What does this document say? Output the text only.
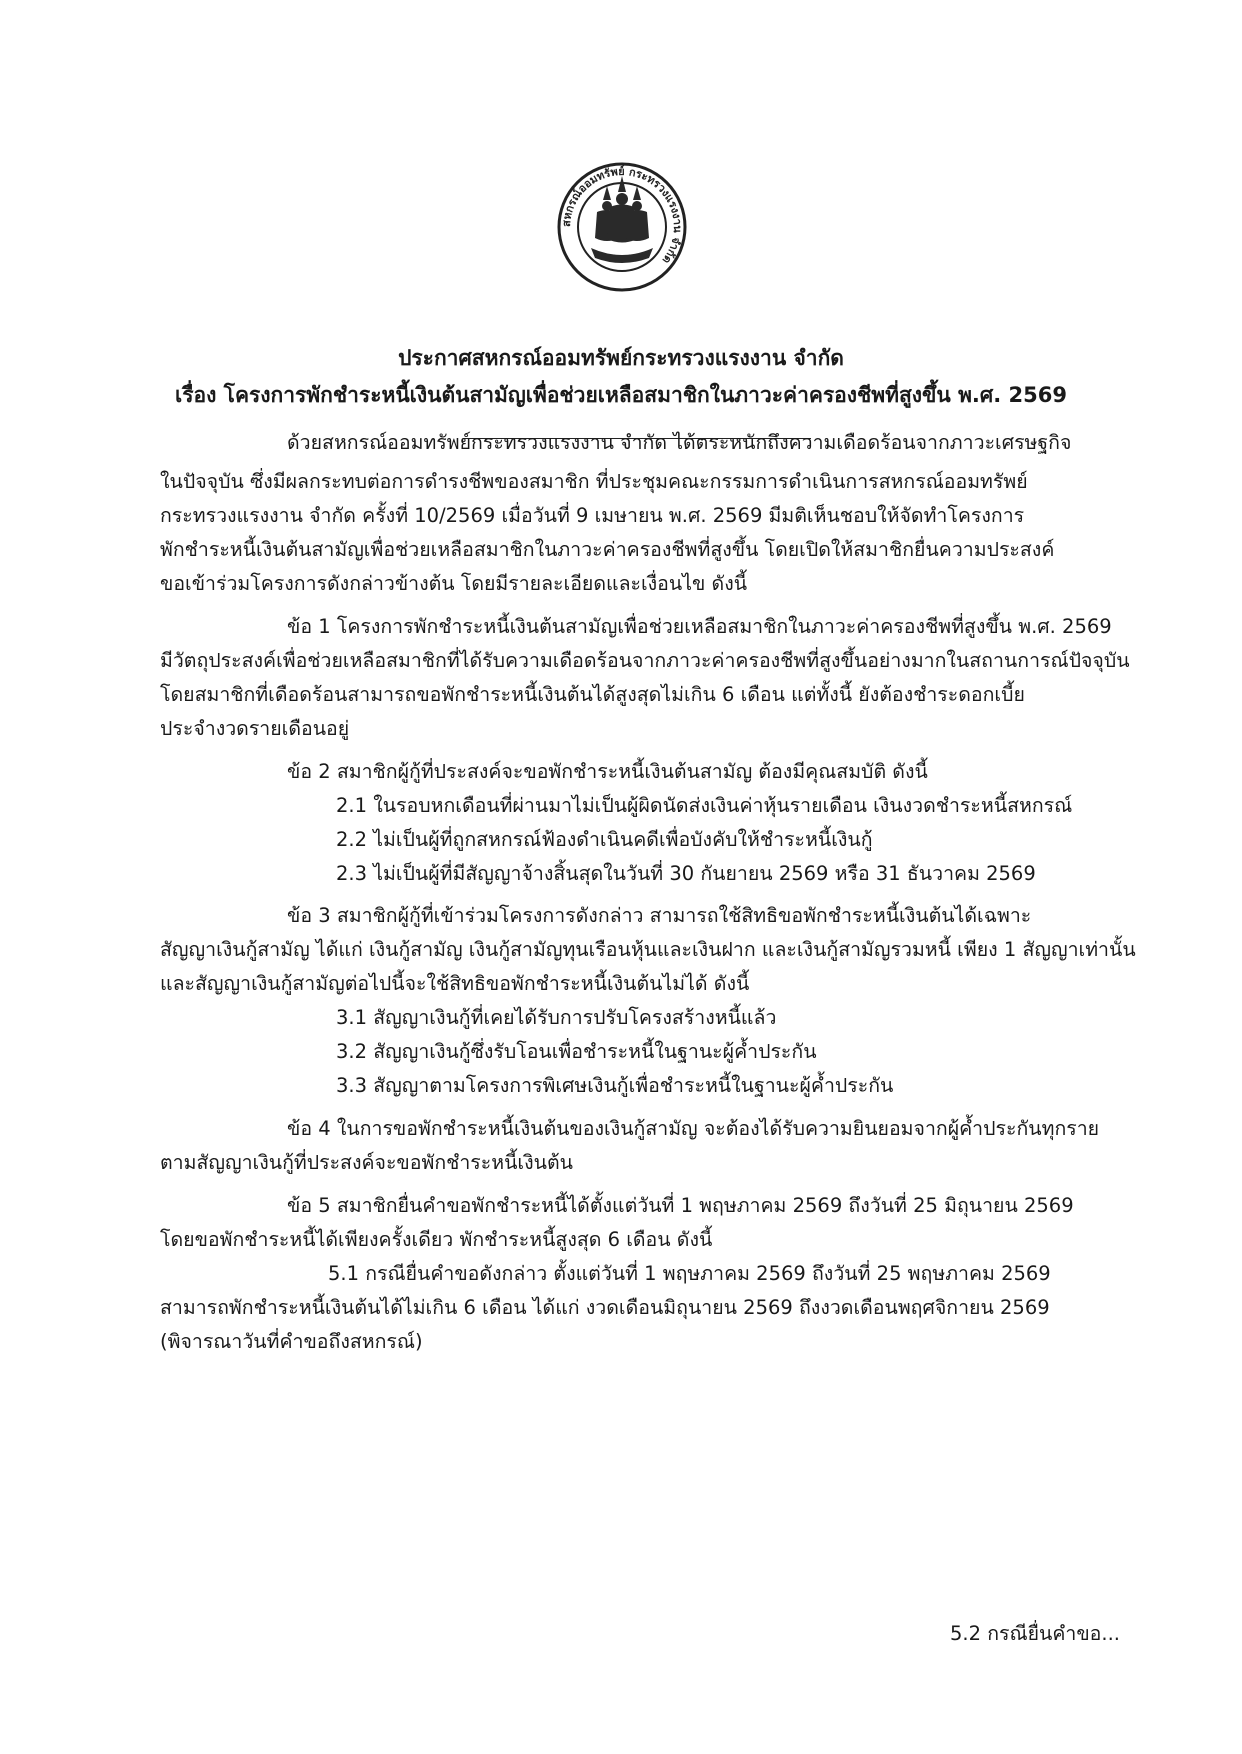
สหกรณ์ออมทรัพย์ กระทรวงแรงงาน จำกัด
ประกาศสหกรณ์ออมทรัพย์กระทรวงแรงงาน จำกัด
เรื่อง โครงการพักชำระหนี้เงินต้นสามัญเพื่อช่วยเหลือสมาชิกในภาวะค่าครองชีพที่สูงขึ้น พ.ศ. 2569
ด้วยสหกรณ์ออมทรัพย์กระทรวงแรงงาน จำกัด ได้ตระหนักถึงความเดือดร้อนจากภาวะเศรษฐกิจ
ในปัจจุบัน ซึ่งมีผลกระทบต่อการดำรงชีพของสมาชิก ที่ประชุมคณะกรรมการดำเนินการสหกรณ์ออมทรัพย์
กระทรวงแรงงาน จำกัด ครั้งที่ 10/2569 เมื่อวันที่ 9 เมษายน พ.ศ. 2569 มีมติเห็นชอบให้จัดทำโครงการ
พักชำระหนี้เงินต้นสามัญเพื่อช่วยเหลือสมาชิกในภาวะค่าครองชีพที่สูงขึ้น โดยเปิดให้สมาชิกยื่นความประสงค์
ขอเข้าร่วมโครงการดังกล่าวข้างต้น โดยมีรายละเอียดและเงื่อนไข ดังนี้
ข้อ 1 โครงการพักชำระหนี้เงินต้นสามัญเพื่อช่วยเหลือสมาชิกในภาวะค่าครองชีพที่สูงขึ้น พ.ศ. 2569
มีวัตถุประสงค์เพื่อช่วยเหลือสมาชิกที่ได้รับความเดือดร้อนจากภาวะค่าครองชีพที่สูงขึ้นอย่างมากในสถานการณ์ปัจจุบัน
โดยสมาชิกที่เดือดร้อนสามารถขอพักชำระหนี้เงินต้นได้สูงสุดไม่เกิน 6 เดือน แต่ทั้งนี้ ยังต้องชำระดอกเบี้ย
ประจำงวดรายเดือนอยู่
ข้อ 2 สมาชิกผู้กู้ที่ประสงค์จะขอพักชำระหนี้เงินต้นสามัญ ต้องมีคุณสมบัติ ดังนี้
2.1 ในรอบหกเดือนที่ผ่านมาไม่เป็นผู้ผิดนัดส่งเงินค่าหุ้นรายเดือน เงินงวดชำระหนี้สหกรณ์
2.2 ไม่เป็นผู้ที่ถูกสหกรณ์ฟ้องดำเนินคดีเพื่อบังคับให้ชำระหนี้เงินกู้
2.3 ไม่เป็นผู้ที่มีสัญญาจ้างสิ้นสุดในวันที่ 30 กันยายน 2569 หรือ 31 ธันวาคม 2569
ข้อ 3 สมาชิกผู้กู้ที่เข้าร่วมโครงการดังกล่าว สามารถใช้สิทธิขอพักชำระหนี้เงินต้นได้เฉพาะ
สัญญาเงินกู้สามัญ ได้แก่ เงินกู้สามัญ เงินกู้สามัญทุนเรือนหุ้นและเงินฝาก และเงินกู้สามัญรวมหนี้ เพียง 1 สัญญาเท่านั้น
และสัญญาเงินกู้สามัญต่อไปนี้จะใช้สิทธิขอพักชำระหนี้เงินต้นไม่ได้ ดังนี้
3.1 สัญญาเงินกู้ที่เคยได้รับการปรับโครงสร้างหนี้แล้ว
3.2 สัญญาเงินกู้ซึ่งรับโอนเพื่อชำระหนี้ในฐานะผู้ค้ำประกัน
3.3 สัญญาตามโครงการพิเศษเงินกู้เพื่อชำระหนี้ในฐานะผู้ค้ำประกัน
ข้อ 4 ในการขอพักชำระหนี้เงินต้นของเงินกู้สามัญ จะต้องได้รับความยินยอมจากผู้ค้ำประกันทุกราย
ตามสัญญาเงินกู้ที่ประสงค์จะขอพักชำระหนี้เงินต้น
ข้อ 5 สมาชิกยื่นคำขอพักชำระหนี้ได้ตั้งแต่วันที่ 1 พฤษภาคม 2569 ถึงวันที่ 25 มิถุนายน 2569
โดยขอพักชำระหนี้ได้เพียงครั้งเดียว พักชำระหนี้สูงสุด 6 เดือน ดังนี้
5.1 กรณียื่นคำขอดังกล่าว ตั้งแต่วันที่ 1 พฤษภาคม 2569 ถึงวันที่ 25 พฤษภาคม 2569
สามารถพักชำระหนี้เงินต้นได้ไม่เกิน 6 เดือน ได้แก่ งวดเดือนมิถุนายน 2569 ถึงงวดเดือนพฤศจิกายน 2569
(พิจารณาวันที่คำขอถึงสหกรณ์)
5.2 กรณียื่นคำขอ...
